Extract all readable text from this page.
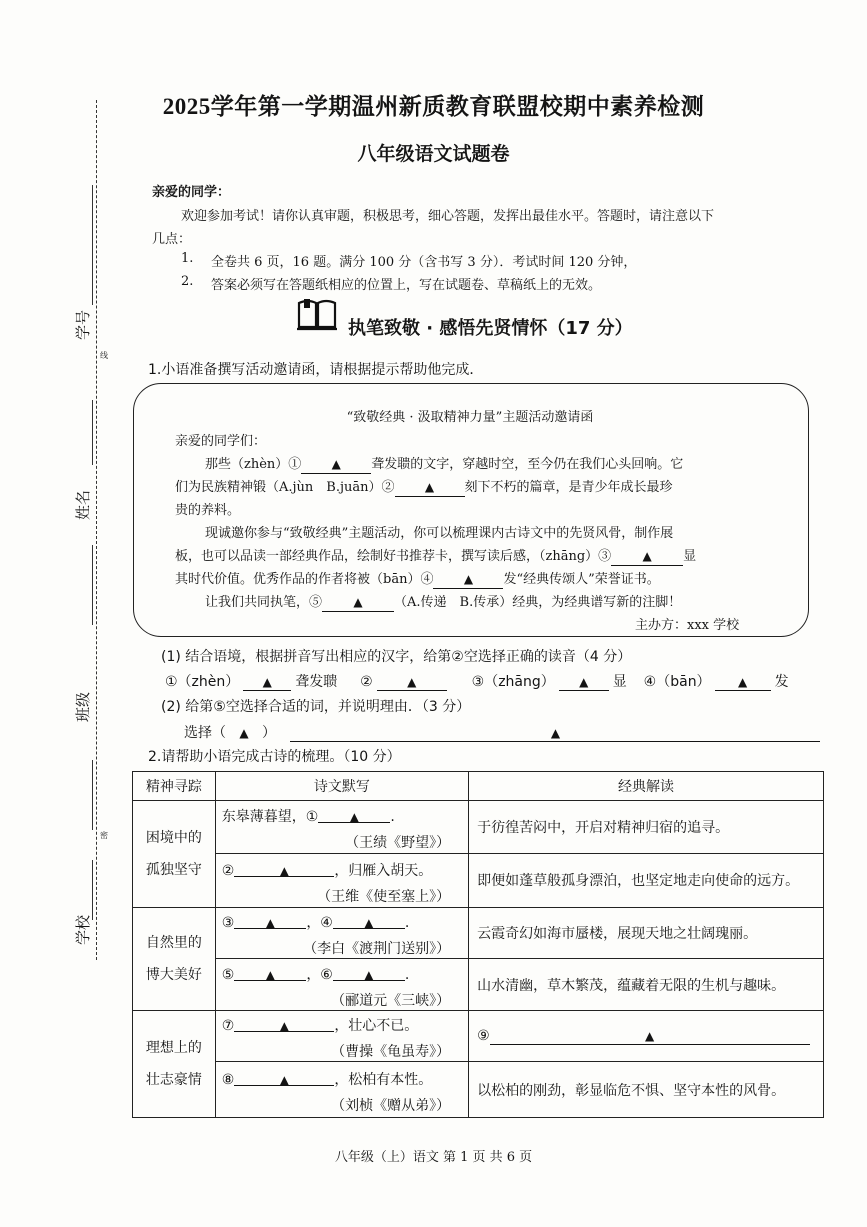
学号
线
姓名
班级
密
学校
2025学年第一学期温州新质教育联盟校期中素养检测
八年级语文试题卷
亲爱的同学：
欢迎参加考试！请你认真审题，积极思考，细心答题，发挥出最佳水平。答题时，请注意以下
几点：
1. 全卷共 6 页，16 题。满分 100 分（含书写 3 分）．考试时间 120 分钟，
2. 答案必须写在答题纸相应的位置上，写在试题卷、草稿纸上的无效。
执笔致敬 · 感悟先贤情怀（17 分）
1.小语准备撰写活动邀请函，请根据提示帮助他完成．
“致敬经典 · 汲取精神力量”主题活动邀请函
亲爱的同学们：
那些（zhèn）①	▲ 聋发聩的文字，穿越时空，至今仍在我们心头回响。它
们为民族精神锻（A.jùn　B.juān）②	▲ 刻下不朽的篇章，是青少年成长最珍
贵的养料。
现诚邀你参与“致敬经典”主题活动，你可以梳理课内古诗文中的先贤风骨，制作展
板，也可以品读一部经典作品，绘制好书推荐卡，撰写读后感，（zhāng）③	▲ 显
其时代价值。优秀作品的作者将被（bān）④	▲ 发“经典传颂人”荣誉证书。
让我们共同执笔，⑤	▲ （A.传递　B.传承）经典，为经典谱写新的注脚！
主办方：xxx 学校
(1) 结合语境，根据拼音写出相应的汉字，给第②空选择正确的读音（4 分）
①（zhèn） ▲ 聋发聩 ②	▲	③（zhāng） ▲ 显 ④（bān） ▲ 发
(2) 给第⑤空选择合适的词，并说明理由．（3 分）
选择（ ▲ ）	▲
2.请帮助小语完成古诗的梳理。（10 分）
精神寻踪	诗文默写	经典解读
困境中的孤独坚守	东皋薄暮望，① ▲ .
（王绩《野望》）	于彷徨苦闷中，开启对精神归宿的追寻。

	② ▲ ，归雁入胡天。
（王维《使至塞上》）	即便如蓬草般孤身漂泊，也坚定地走向使命的远方。
自然里的博大美好	③ ▲ ，④ ▲ .
（李白《渡荆门送别》）	云霞奇幻如海市蜃楼，展现天地之壮阔瑰丽。

	⑤ ▲ ，⑥ ▲ .
（郦道元《三峡》）	山水清幽，草木繁茂，蕴藏着无限的生机与趣味。
理想上的壮志豪情	⑦ ▲ ，壮心不已。
（曹操《龟虽寿》）	⑨ ▲

	⑧ ▲ ，松柏有本性。
（刘桢《赠从弟》）	以松柏的刚劲，彰显临危不惧、坚守本性的风骨。
八年级（上）语文 第 1 页 共 6 页
